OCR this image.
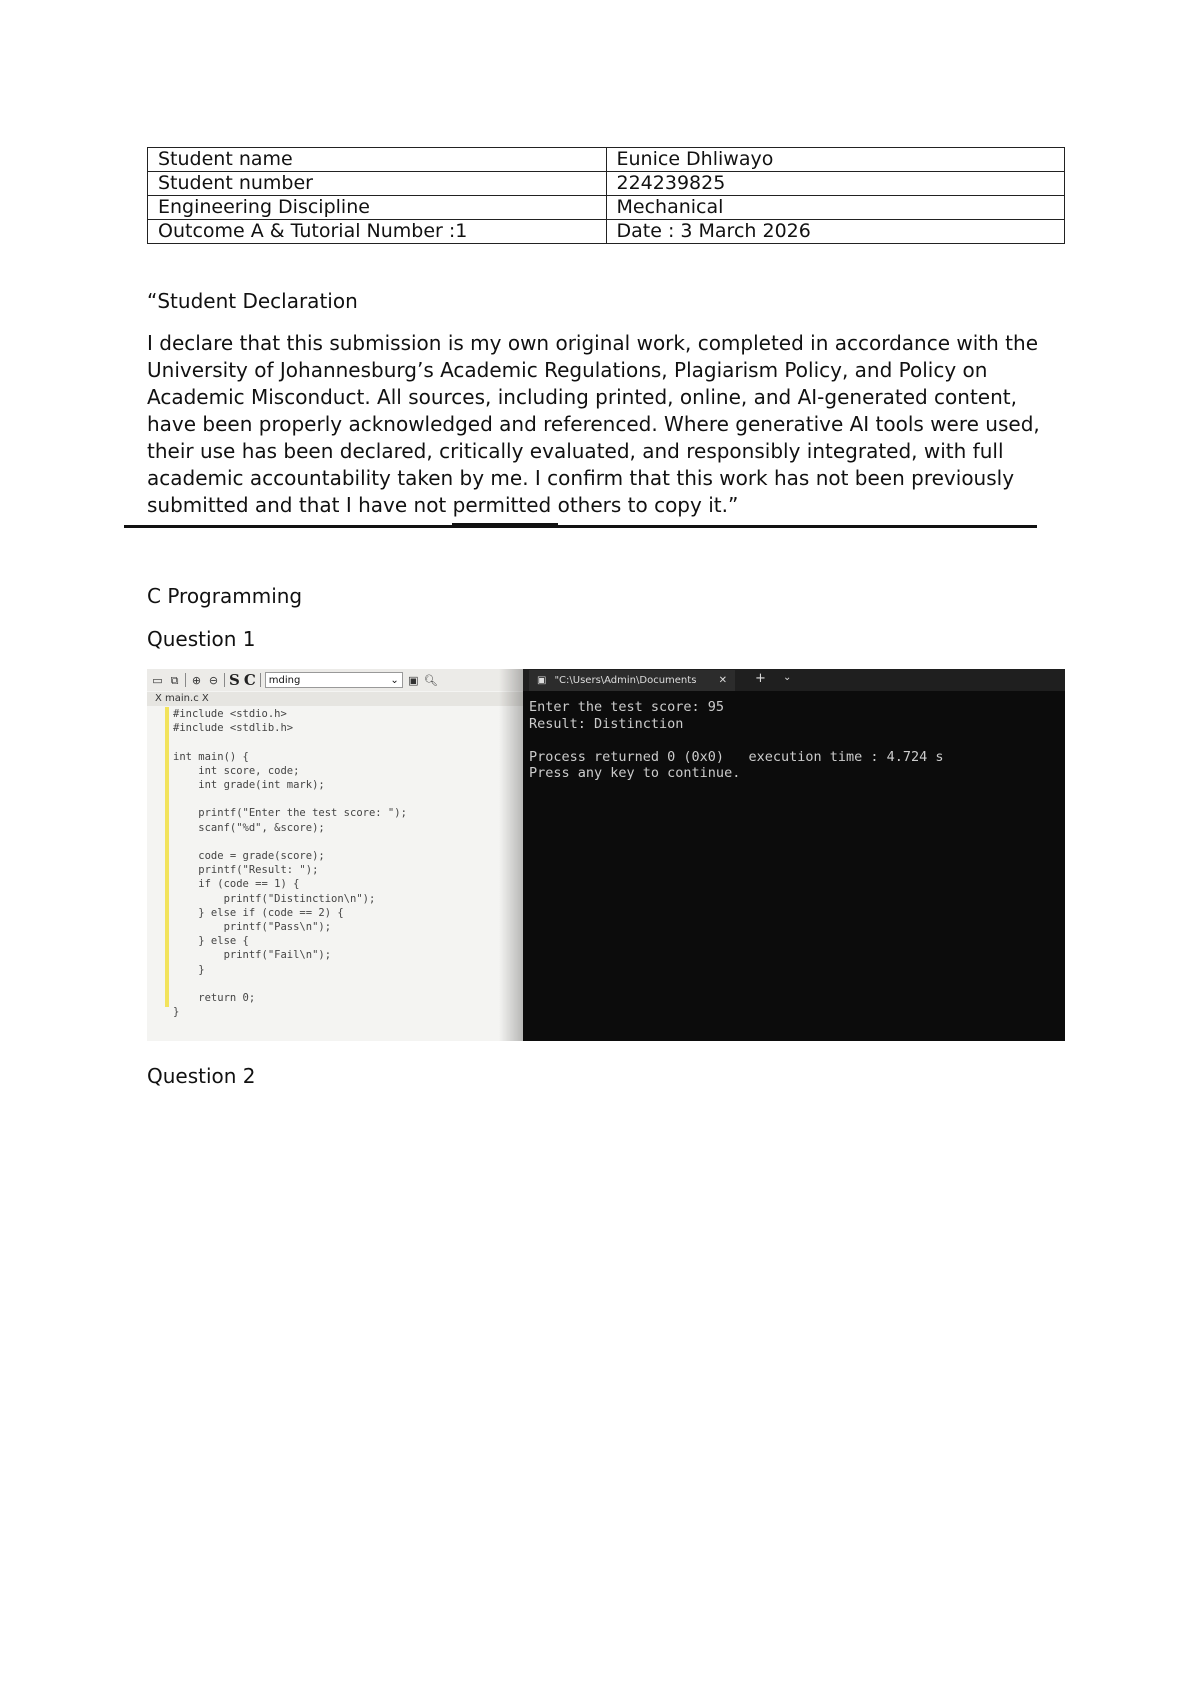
Student name	Eunice Dhliwayo
Student number	224239825
Engineering Discipline	Mechanical
Outcome A & Tutorial Number :1	Date : 3 March 2026
“Student Declaration

I declare that this submission is my own original work, completed in accordance with the University of Johannesburg’s Academic Regulations, Plagiarism Policy, and Policy on Academic Misconduct. All sources, including printed, online, and AI-generated content, have been properly acknowledged and referenced. Where generative AI tools were used, their use has been declared, critically evaluated, and responsibly integrated, with full academic accountability taken by me. I confirm that this work has not been previously submitted and that I have not permitted others to copy it.”

C Programming
Question 1
▭ ⧉ ⊕ ⊖ S C mding	⌄ ▣ 🔍︎
X main.c X
#include <stdio.h>
#include <stdlib.h>

int main() {
int score, code;
int grade(int mark);

printf("Enter the test score: ");
scanf("%d", &score);

code = grade(score);
printf("Result: ");
if (code == 1) {
printf("Distinction\n");
} else if (code == 2) {
printf("Pass\n");
} else {
printf("Fail\n");
}

return 0;
}
▣ "C:\Users\Admin\Documents	✕ + ⌄
Enter the test score: 95
Result: Distinction

Process returned 0 (0x0)   execution time : 4.724 s
Press any key to continue.
Question 2
